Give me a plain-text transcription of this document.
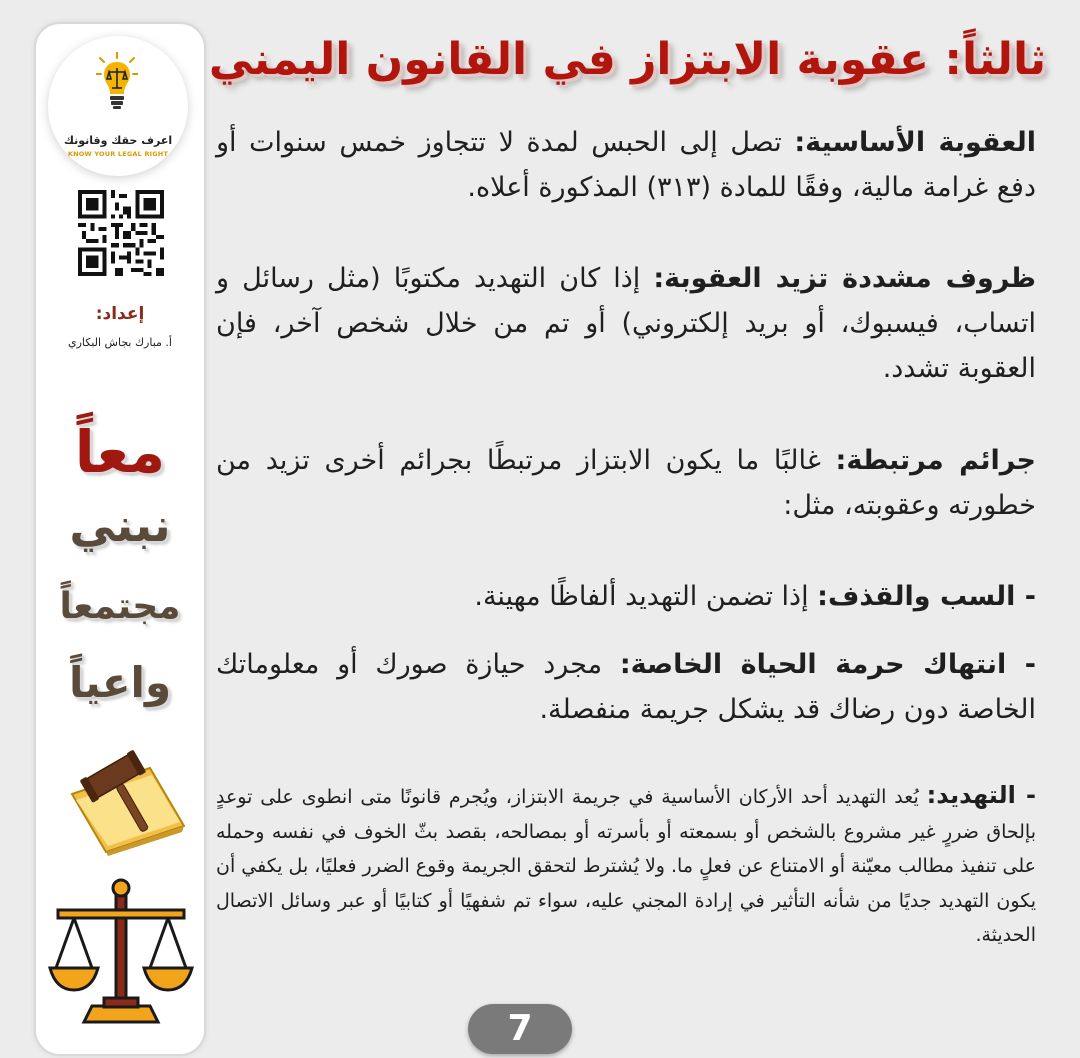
اعرف حقك وقانونك
KNOW YOUR LEGAL RIGHT
إعداد:
أ. مبارك بجاش البكاري
معاً
نبني
مجتمعاً
واعياً
ثالثاً: عقوبة الابتزاز في القانون اليمني
العقوبة الأساسية: تصل إلى الحبس لمدة لا تتجاوز خمس سنوات أو دفع غرامة مالية، وفقًا للمادة (٣١٣) المذكورة أعلاه.
ظروف مشددة تزيد العقوبة: إذا كان التهديد مكتوبًا (مثل رسائل و اتساب، فيسبوك، أو بريد إلكتروني) أو تم من خلال شخص آخر، فإن العقوبة تشدد.
جرائم مرتبطة: غالبًا ما يكون الابتزاز مرتبطًا بجرائم أخرى تزيد من خطورته وعقوبته، مثل:
- السب والقذف: إذا تضمن التهديد ألفاظًا مهينة.
- انتهاك حرمة الحياة الخاصة: مجرد حيازة صورك أو معلوماتك الخاصة دون رضاك قد يشكل جريمة منفصلة.
- التهديد: يُعد التهديد أحد الأركان الأساسية في جريمة الابتزاز، ويُجرم قانونًا متى انطوى على توعدٍ بإلحاق ضررٍ غير مشروع بالشخص أو بسمعته أو بأسرته أو بمصالحه، بقصد بثّ الخوف في نفسه وحمله على تنفيذ مطالب معيّنة أو الامتناع عن فعلٍ ما. ولا يُشترط لتحقق الجريمة وقوع الضرر فعليًا، بل يكفي أن يكون التهديد جديًا من شأنه التأثير في إرادة المجني عليه، سواء تم شفهيًا أو كتابيًا أو عبر وسائل الاتصال الحديثة.
7
